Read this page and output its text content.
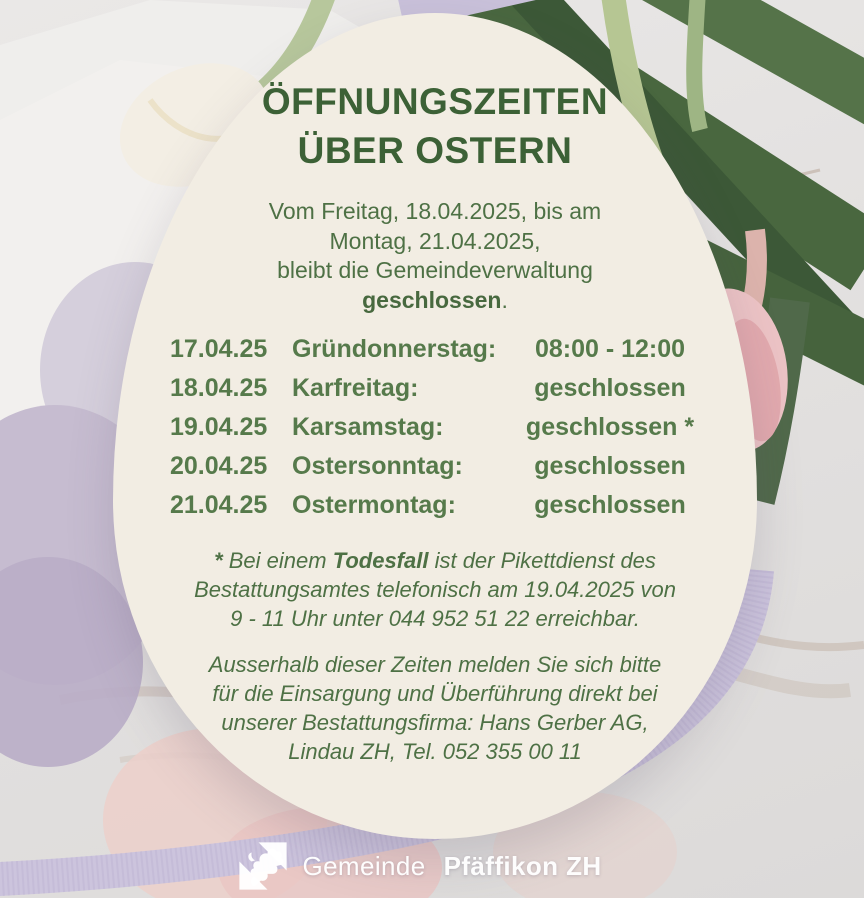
ÖFFNUNGSZEITEN
ÜBER OSTERN
Vom Freitag, 18.04.2025, bis am
Montag, 21.04.2025,
bleibt die Gemeindeverwaltung
geschlossen.
17.04.25 Gründonnerstag:	08:00 - 12:00
18.04.25 Karfreitag:	geschlossen
19.04.25 Karsamstag:	geschlossen *
20.04.25 Ostersonntag:	geschlossen
21.04.25 Ostermontag:	geschlossen
* Bei einem Todesfall ist der Pikettdienst des
Bestattungsamtes telefonisch am 19.04.2025 von
9 - 11 Uhr unter 044 952 51 22 erreichbar.
Ausserhalb dieser Zeiten melden Sie sich bitte
für die Einsargung und Überführung direkt bei
unserer Bestattungsfirma: Hans Gerber AG,
Lindau ZH, Tel. 052 355 00 11
Gemeinde Pfäffikon ZH
